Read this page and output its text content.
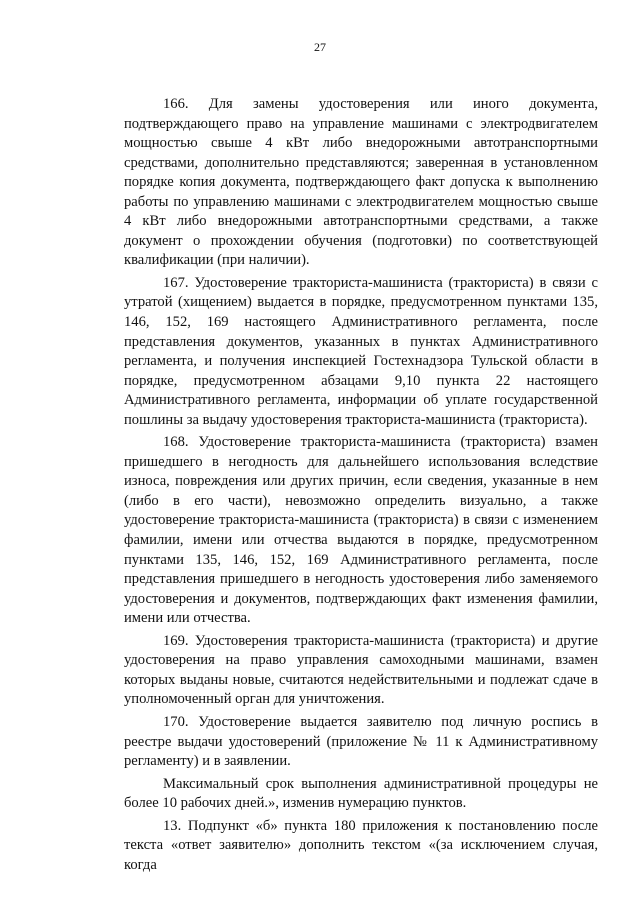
27

166. Для замены удостоверения или иного документа, подтверждающего право на управление машинами с электродвигателем мощностью свыше 4 кВт либо внедорожными автотранспортными средствами, дополнительно представляются; заверенная в установленном порядке копия документа, подтверждающего факт допуска к выполнению работы по управлению машинами с электродвигателем мощностью свыше 4 кВт либо внедорожными автотранспортными средствами, а также документ о прохождении обучения (подготовки) по соответствующей квалификации (при наличии).

167. Удостоверение тракториста-машиниста (тракториста) в связи с утратой (хищением) выдается в порядке, предусмотренном пунктами 135, 146, 152, 169 настоящего Административного регламента, после представления документов, указанных в пунктах Административного регламента, и получения инспекцией Гостехнадзора Тульской области в порядке, предусмотренном абзацами 9,10 пункта 22 настоящего Административного регламента, информации об уплате государственной пошлины за выдачу удостоверения тракториста-машиниста (тракториста).

168. Удостоверение тракториста-машиниста (тракториста) взамен пришедшего в негодность для дальнейшего использования вследствие износа, повреждения или других причин, если сведения, указанные в нем (либо в его части), невозможно определить визуально, а также удостоверение тракториста-машиниста (тракториста) в связи с изменением фамилии, имени или отчества выдаются в порядке, предусмотренном пунктами 135, 146, 152, 169 Административного регламента, после представления пришедшего в негодность удостоверения либо заменяемого удостоверения и документов, подтверждающих факт изменения фамилии, имени или отчества.

169. Удостоверения тракториста-машиниста (тракториста) и другие удостоверения на право управления самоходными машинами, взамен которых выданы новые, считаются недействительными и подлежат сдаче в уполномоченный орган для уничтожения.

170. Удостоверение выдается заявителю под личную роспись в реестре выдачи удостоверений (приложение № 11 к Административному регламенту) и в заявлении.

Максимальный срок выполнения административной процедуры не более 10 рабочих дней.», изменив нумерацию пунктов.

13. Подпункт «б» пункта 180 приложения к постановлению после текста «ответ заявителю» дополнить текстом «(за исключением случая, когда
